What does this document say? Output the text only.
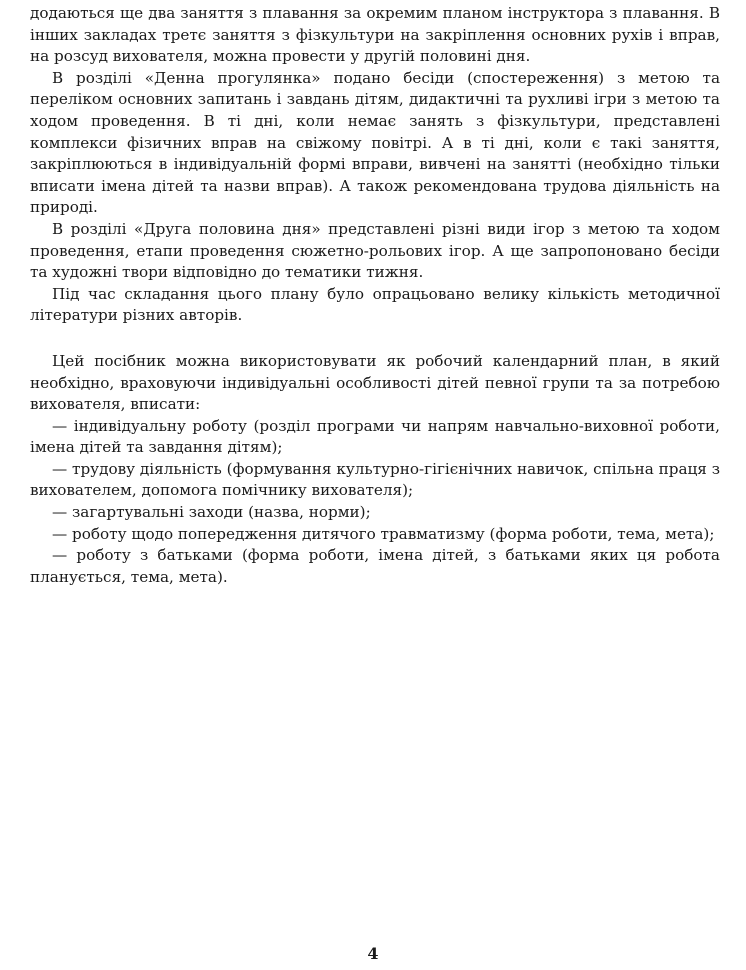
додаються ще два заняття з плавання за окремим планом інструктора з плавання. В інших закладах третє заняття з фізкультури на закріплення основних рухів і вправ, на розсуд вихователя, можна провести у другій половині дня.

В розділі «Денна прогулянка» подано бесіди (спостереження) з метою та переліком основних запитань і завдань дітям, дидактичні та рухливі ігри з метою та ходом проведення. В ті дні, коли немає занять з фізкультури, представлені комплекси фізичних вправ на свіжому повітрі. А в ті дні, коли є такі заняття, закріплюються в індивідуальній формі вправи, вивчені на занятті (необхідно тільки вписати імена дітей та назви вправ). А також рекомендована трудова діяльність на природі.

В розділі «Друга половина дня» представлені різні види ігор з метою та ходом проведення, етапи проведення сюжетно-рольових ігор. А ще запропоновано бесіди та художні твори відповідно до тематики тижня.

Під час складання цього плану було опрацьовано велику кількість методичної літератури різних авторів.

Цей посібник можна використовувати як робочий календарний план, в який необхідно, враховуючи індивідуальні особливості дітей певної групи та за потребою вихователя, вписати:

— індивідуальну роботу (розділ програми чи напрям навчально-виховної роботи, імена дітей та завдання дітям);

— трудову діяльність (формування культурно-гігієнічних навичок, спільна праця з вихователем, допомога помічнику вихователя);

— загартувальні заходи (назва, норми);

— роботу щодо попередження дитячого травматизму (форма роботи, тема, мета);

— роботу з батьками (форма роботи, імена дітей, з батьками яких ця робота планується, тема, мета).

4
